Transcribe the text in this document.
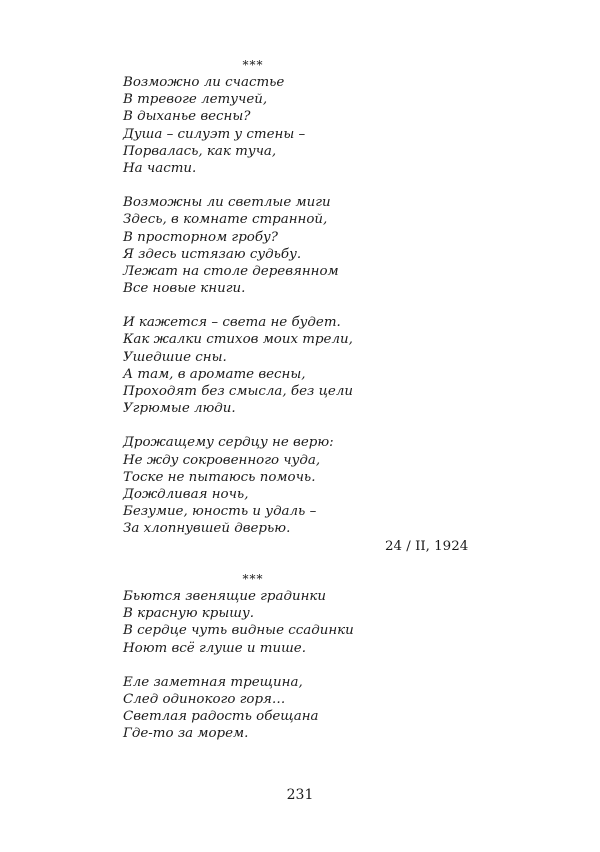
***
Возможно ли счастье
В тревоге летучей,
В дыханье весны?
Душа – силуэт у стены –
Порвалась, как туча,
На части.
Возможны ли светлые миги
Здесь, в комнате странной,
В просторном гробу?
Я здесь истязаю судьбу.
Лежат на столе деревянном
Все новые книги.
И кажется – света не будет.
Как жалки стихов моих трели,
Ушедшие сны.
А там, в аромате весны,
Проходят без смысла, без цели
Угрюмые люди.
Дрожащему сердцу не верю:
Не жду сокровенного чуда,
Тоске не пытаюсь помочь.
Дождливая ночь,
Безумие, юность и удаль –
За хлопнувшей дверью.
24 / II, 1924
***
Бьются звенящие градинки
В красную крышу.
В сердце чуть видные ссадинки
Ноют всё глуше и тише.
Еле заметная трещина,
След одинокого горя…
Светлая радость обещана
Где-то за морем.
231
